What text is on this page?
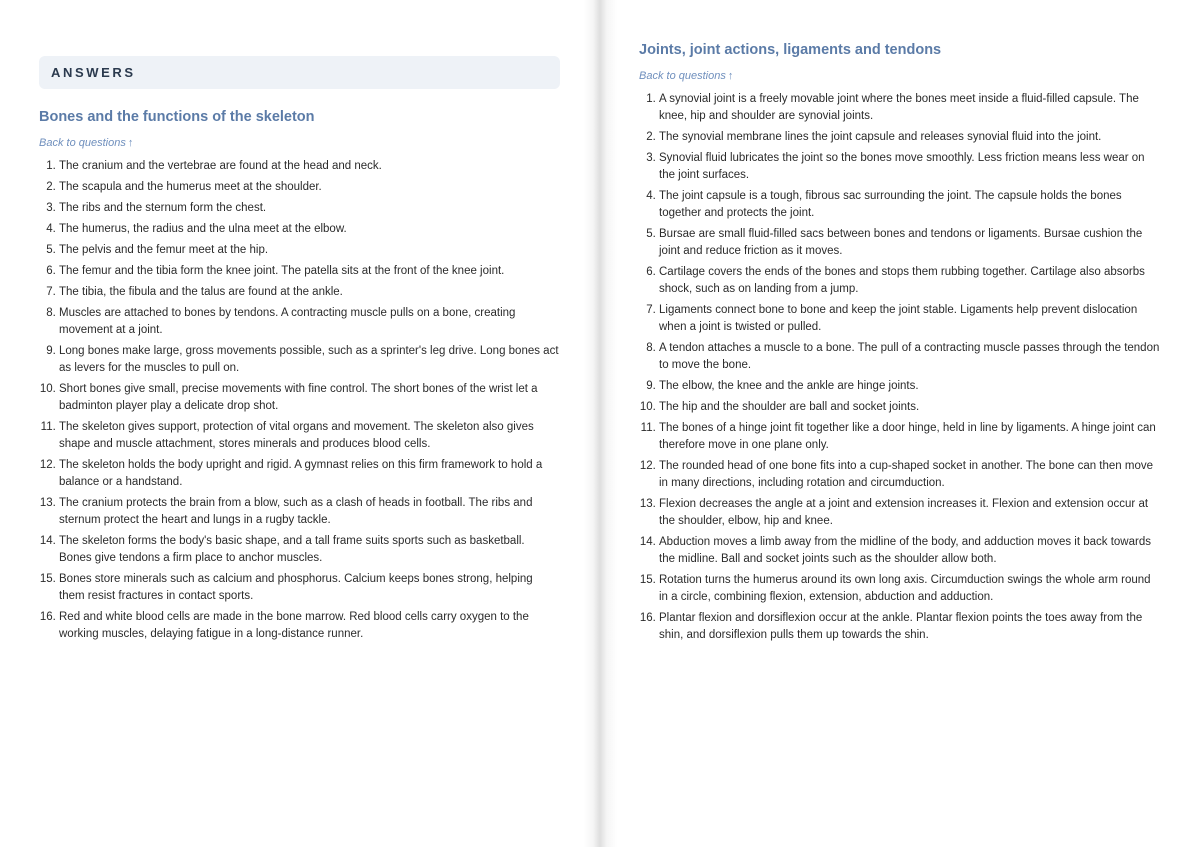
ANSWERS
Bones and the functions of the skeleton
Back to questions ↑
1. The cranium and the vertebrae are found at the head and neck.
2. The scapula and the humerus meet at the shoulder.
3. The ribs and the sternum form the chest.
4. The humerus, the radius and the ulna meet at the elbow.
5. The pelvis and the femur meet at the hip.
6. The femur and the tibia form the knee joint. The patella sits at the front of the knee joint.
7. The tibia, the fibula and the talus are found at the ankle.
8. Muscles are attached to bones by tendons. A contracting muscle pulls on a bone, creating movement at a joint.
9. Long bones make large, gross movements possible, such as a sprinter's leg drive. Long bones act as levers for the muscles to pull on.
10. Short bones give small, precise movements with fine control. The short bones of the wrist let a badminton player play a delicate drop shot.
11. The skeleton gives support, protection of vital organs and movement. The skeleton also gives shape and muscle attachment, stores minerals and produces blood cells.
12. The skeleton holds the body upright and rigid. A gymnast relies on this firm framework to hold a balance or a handstand.
13. The cranium protects the brain from a blow, such as a clash of heads in football. The ribs and sternum protect the heart and lungs in a rugby tackle.
14. The skeleton forms the body's basic shape, and a tall frame suits sports such as basketball. Bones give tendons a firm place to anchor muscles.
15. Bones store minerals such as calcium and phosphorus. Calcium keeps bones strong, helping them resist fractures in contact sports.
16. Red and white blood cells are made in the bone marrow. Red blood cells carry oxygen to the working muscles, delaying fatigue in a long-distance runner.
Joints, joint actions, ligaments and tendons
Back to questions ↑
1. A synovial joint is a freely movable joint where the bones meet inside a fluid-filled capsule. The knee, hip and shoulder are synovial joints.
2. The synovial membrane lines the joint capsule and releases synovial fluid into the joint.
3. Synovial fluid lubricates the joint so the bones move smoothly. Less friction means less wear on the joint surfaces.
4. The joint capsule is a tough, fibrous sac surrounding the joint. The capsule holds the bones together and protects the joint.
5. Bursae are small fluid-filled sacs between bones and tendons or ligaments. Bursae cushion the joint and reduce friction as it moves.
6. Cartilage covers the ends of the bones and stops them rubbing together. Cartilage also absorbs shock, such as on landing from a jump.
7. Ligaments connect bone to bone and keep the joint stable. Ligaments help prevent dislocation when a joint is twisted or pulled.
8. A tendon attaches a muscle to a bone. The pull of a contracting muscle passes through the tendon to move the bone.
9. The elbow, the knee and the ankle are hinge joints.
10. The hip and the shoulder are ball and socket joints.
11. The bones of a hinge joint fit together like a door hinge, held in line by ligaments. A hinge joint can therefore move in one plane only.
12. The rounded head of one bone fits into a cup-shaped socket in another. The bone can then move in many directions, including rotation and circumduction.
13. Flexion decreases the angle at a joint and extension increases it. Flexion and extension occur at the shoulder, elbow, hip and knee.
14. Abduction moves a limb away from the midline of the body, and adduction moves it back towards the midline. Ball and socket joints such as the shoulder allow both.
15. Rotation turns the humerus around its own long axis. Circumduction swings the whole arm round in a circle, combining flexion, extension, abduction and adduction.
16. Plantar flexion and dorsiflexion occur at the ankle. Plantar flexion points the toes away from the shin, and dorsiflexion pulls them up towards the shin.
